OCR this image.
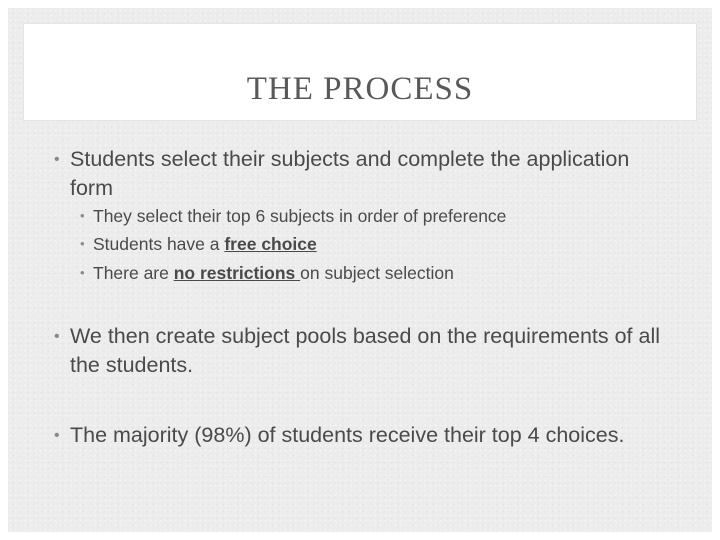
THE PROCESS
• Students select their subjects and complete the application form
• They select their top 6 subjects in order of preference
• Students have a free choice
• There are no restrictions on subject selection
• We then create subject pools based on the requirements of all the students.
• The majority (98%) of students receive their top 4 choices.
